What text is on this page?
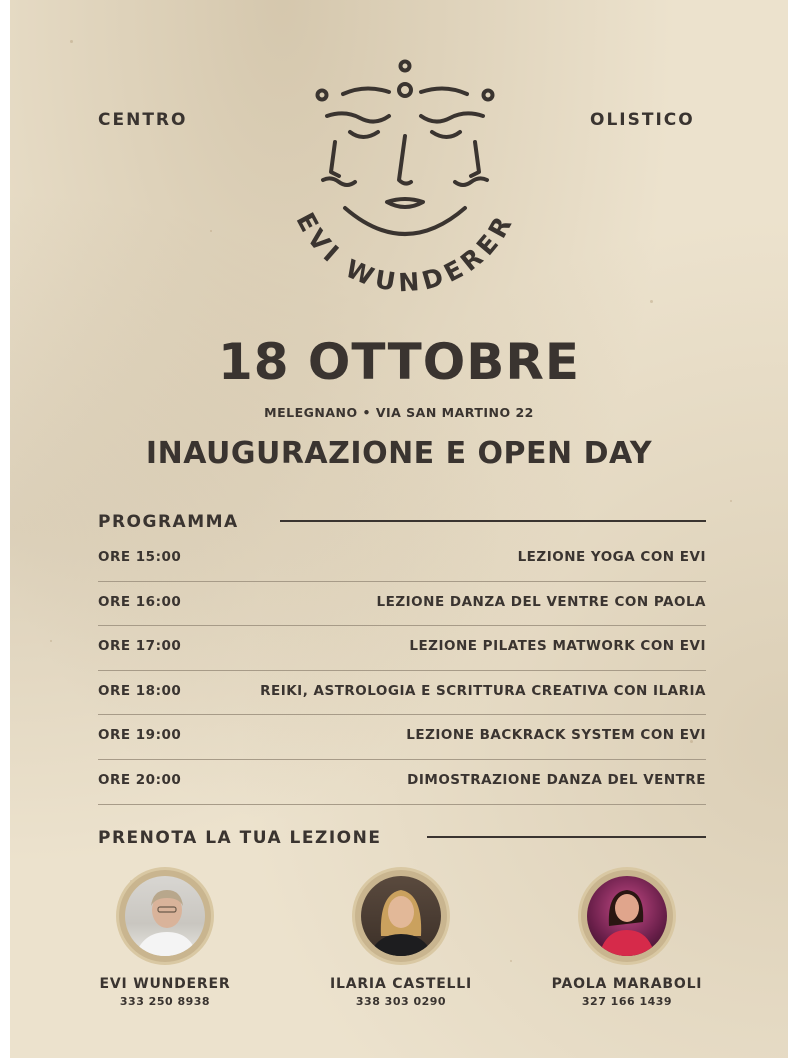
CENTRO	OLISTICO
EVI WUNDERER
18 OTTOBRE
MELEGNANO • VIA SAN MARTINO 22
INAUGURAZIONE E OPEN DAY
PROGRAMMA
ORE 15:00	LEZIONE YOGA CON EVI
ORE 16:00	LEZIONE DANZA DEL VENTRE CON PAOLA
ORE 17:00	LEZIONE PILATES MATWORK CON EVI
ORE 18:00	REIKI, ASTROLOGIA E SCRITTURA CREATIVA CON ILARIA
ORE 19:00	LEZIONE BACKRACK SYSTEM CON EVI
ORE 20:00	DIMOSTRAZIONE DANZA DEL VENTRE
PRENOTA LA TUA LEZIONE
EVI WUNDERER
333 250 8938
ILARIA CASTELLI
338 303 0290
PAOLA MARABOLI
327 166 1439
